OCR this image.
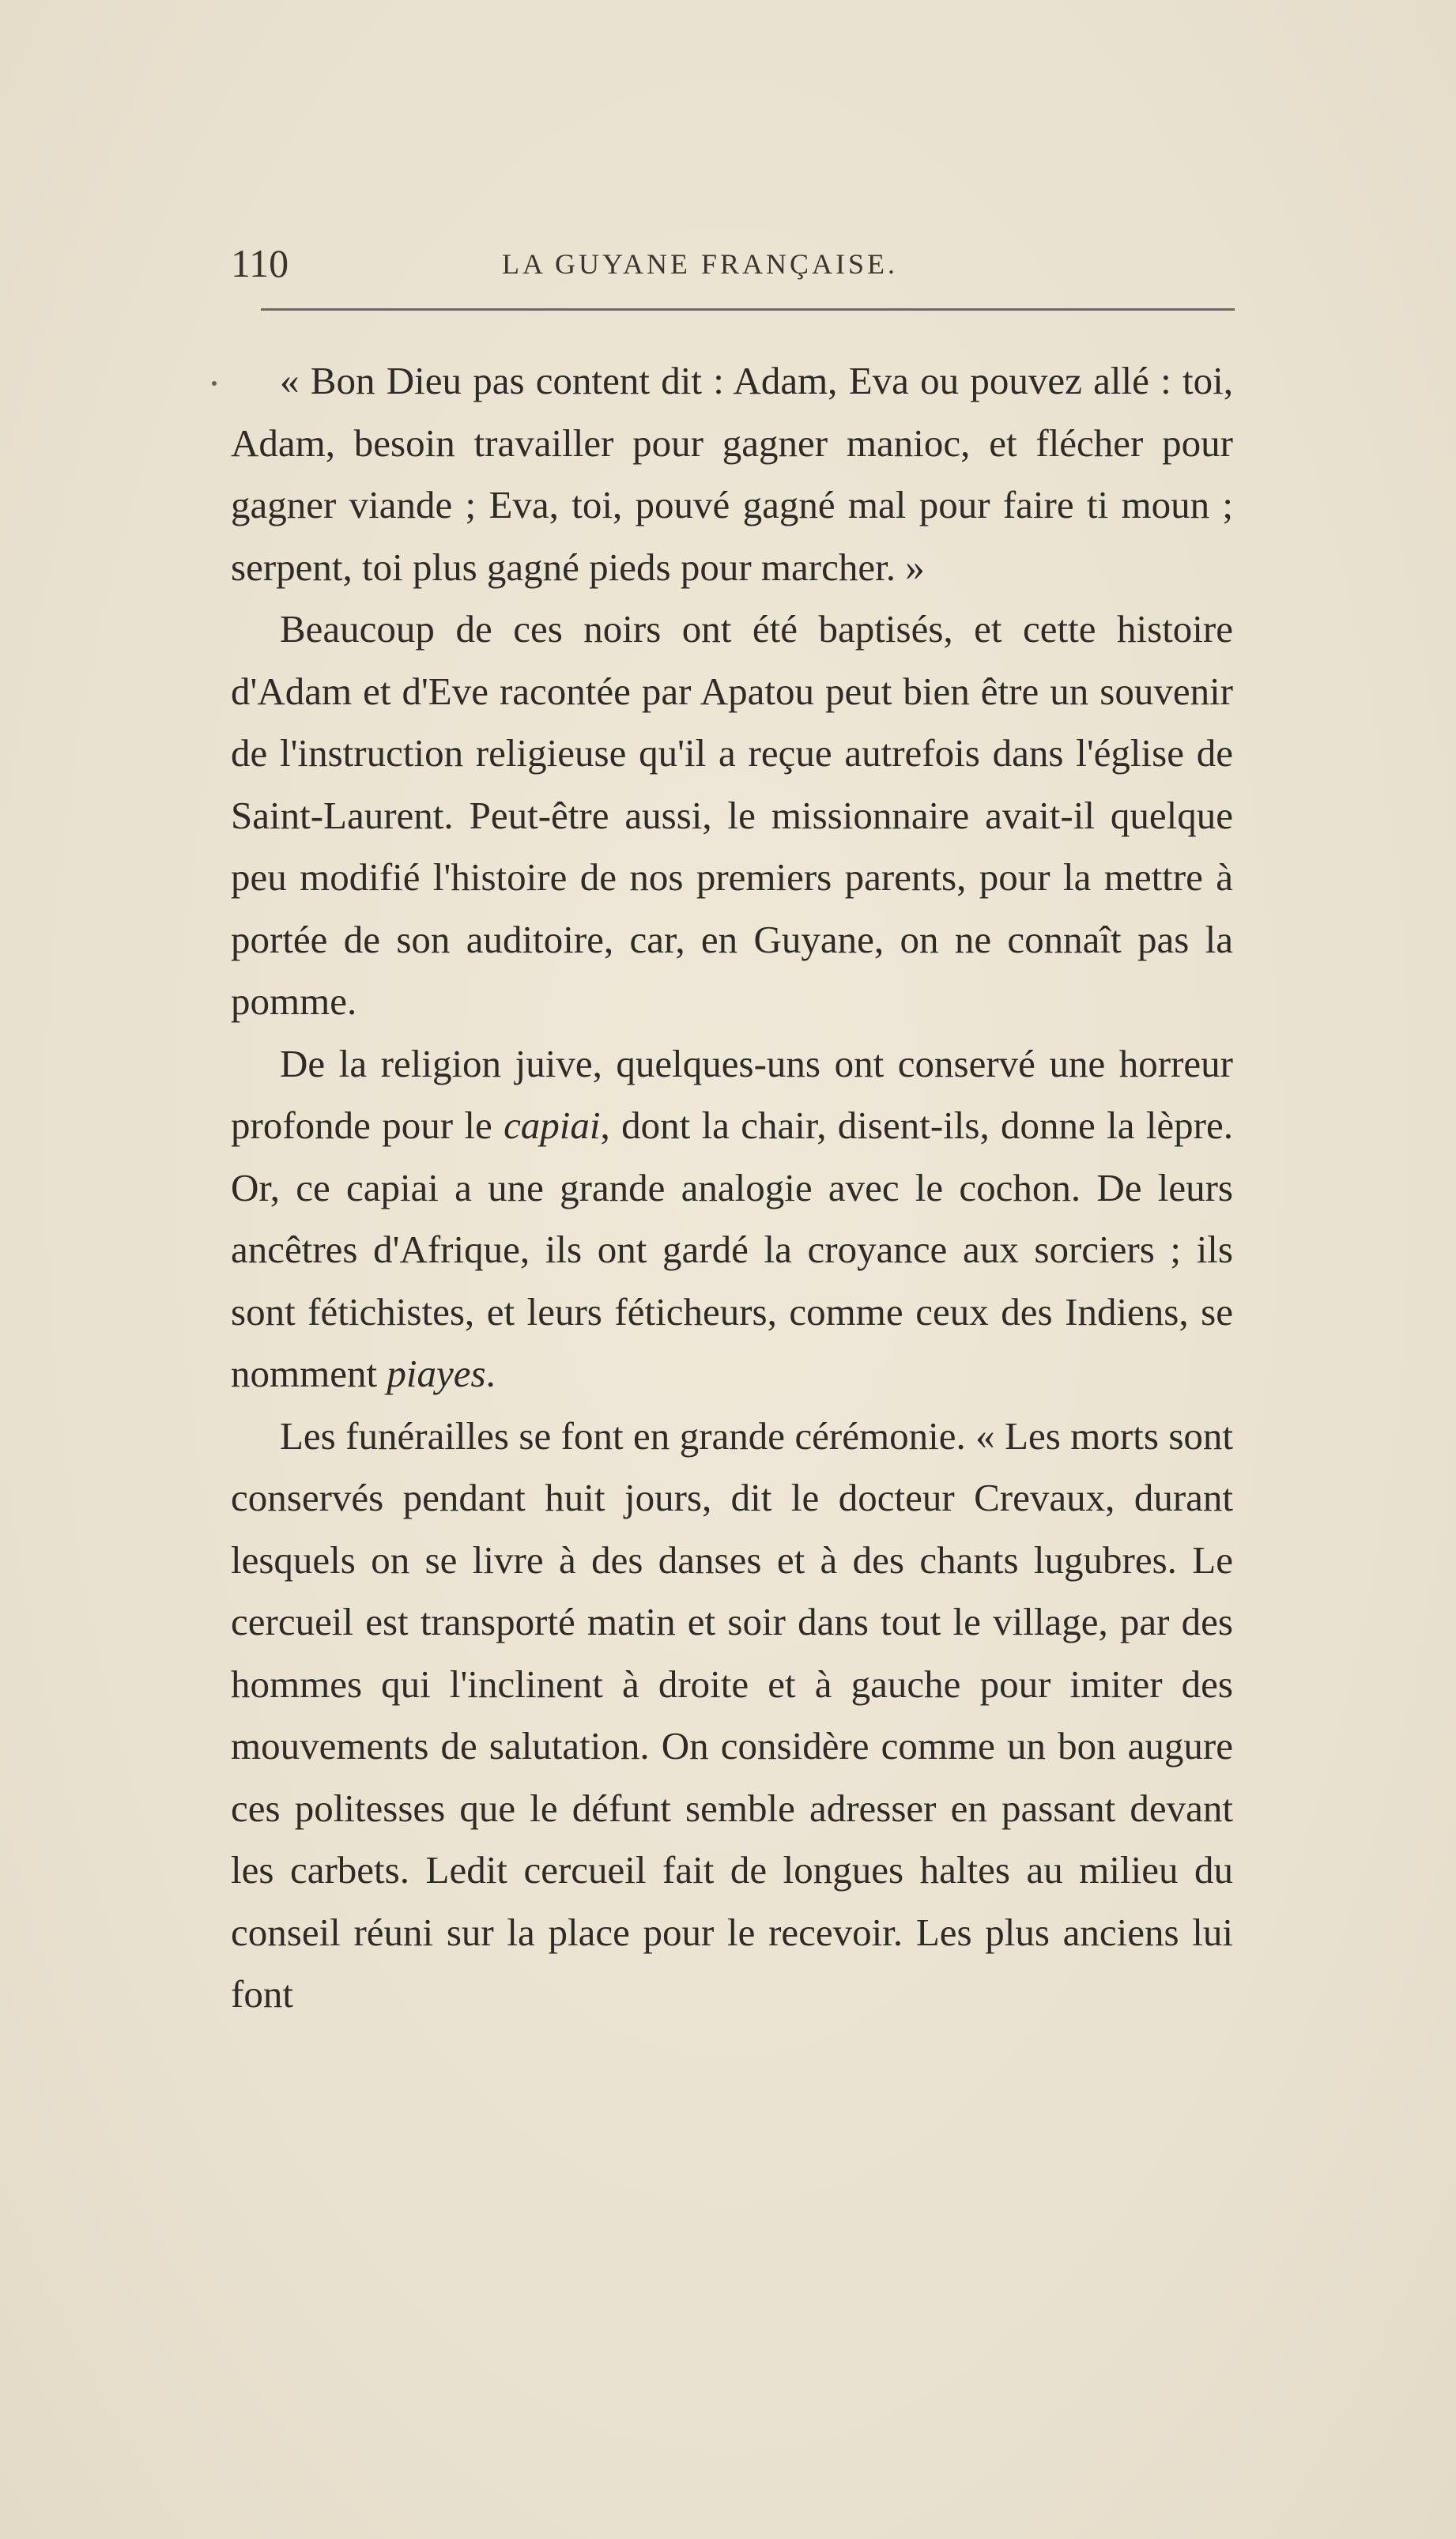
110	LA GUYANE FRANÇAISE.

« Bon Dieu pas content dit : Adam, Eva ou pouvez allé : toi, Adam, besoin travailler pour gagner manioc, et flécher pour gagner viande ; Eva, toi, pouvé gagné mal pour faire ti moun ; serpent, toi plus gagné pieds pour marcher. »

Beaucoup de ces noirs ont été baptisés, et cette histoire d'Adam et d'Eve racontée par Apatou peut bien être un souvenir de l'instruction religieuse qu'il a reçue autrefois dans l'église de Saint-Laurent. Peut-être aussi, le missionnaire avait-il quelque peu modifié l'histoire de nos premiers parents, pour la mettre à portée de son auditoire, car, en Guyane, on ne connaît pas la pomme.

De la religion juive, quelques-uns ont conservé une horreur profonde pour le capiai, dont la chair, disent-ils, donne la lèpre. Or, ce capiai a une grande analogie avec le cochon. De leurs ancêtres d'Afrique, ils ont gardé la croyance aux sorciers ; ils sont fétichistes, et leurs féticheurs, comme ceux des Indiens, se nomment piayes.

Les funérailles se font en grande cérémonie. « Les morts sont conservés pendant huit jours, dit le docteur Crevaux, durant lesquels on se livre à des danses et à des chants lugubres. Le cercueil est transporté matin et soir dans tout le village, par des hommes qui l'inclinent à droite et à gauche pour imiter des mouvements de salutation. On considère comme un bon augure ces politesses que le défunt semble adresser en passant devant les carbets. Ledit cercueil fait de longues haltes au milieu du conseil réuni sur la place pour le recevoir. Les plus anciens lui font
